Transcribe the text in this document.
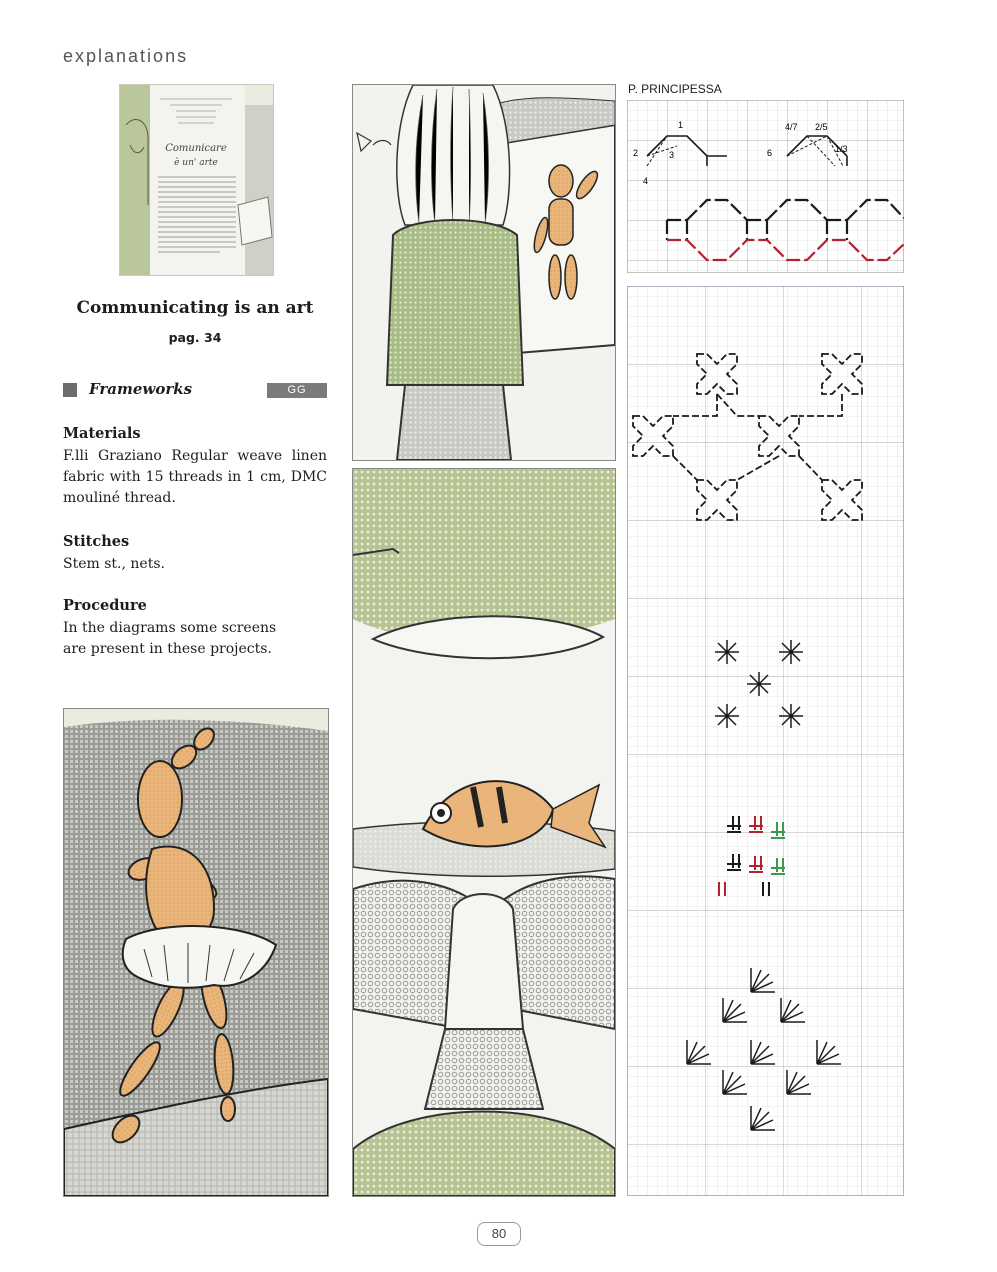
explanations
Comunicare
è un' arte
Communicating is an art
pag. 34
Frameworks	GG
Materials
F.lli Graziano Regular weave linen fabric with 15 threads in 1 cm, DMC mouliné thread.
Stitches
Stem st., nets.
Procedure
In the diagrams some screens
are present in these projects.
P. PRINCIPESSA
1
2	3
4
4/7 2/5
6	1/3
80
